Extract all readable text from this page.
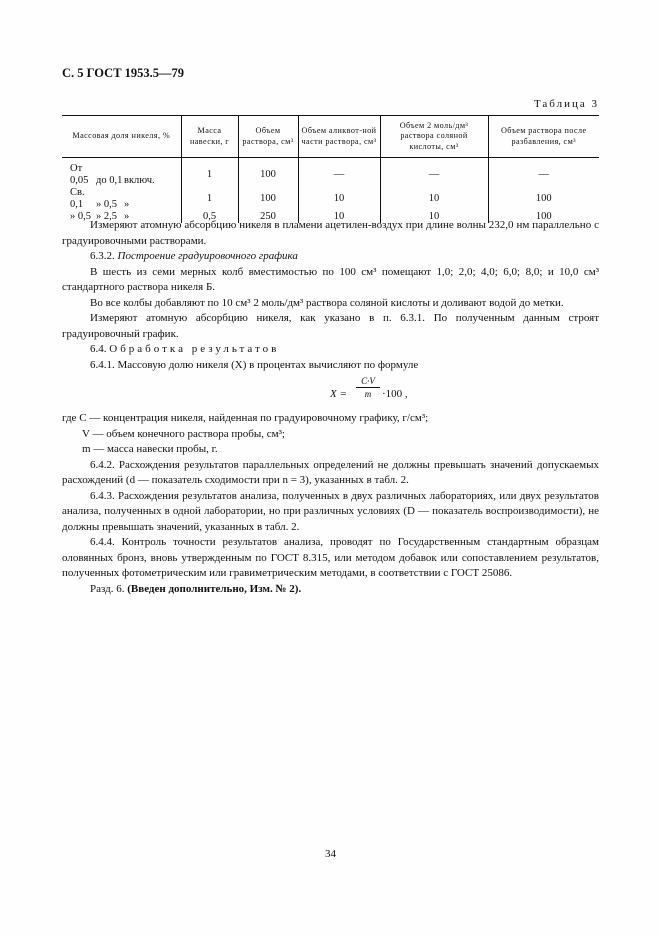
С. 5 ГОСТ 1953.5—79
Таблица 3
Массовая доля никеля, %	Масса навески, г	Объем раствора, см³	Объем аликвот-ной части раствора, см³	Объем 2 моль/дм³ раствора соляной кислоты, см³	Объем раствора после разбавления, см³
От 0,05 до 0,1 включ.	1	100	—	—	—
Св. 0,1 » 0,5 »	1	100	10	10	100
» 0,5 » 2,5 »	0,5	250	10	10	100

Измеряют атомную абсорбцию никеля в пламени ацетилен-воздух при длине волны 232,0 нм параллельно с градуировочными растворами.

6.3.2. Построение градуировочного графика

В шесть из семи мерных колб вместимостью по 100 см³ помещают 1,0; 2,0; 4,0; 6,0; 8,0; и 10,0 см³ стандартного раствора никеля Б.

Во все колбы добавляют по 10 см³ 2 моль/дм³ раствора соляной кислоты и доливают водой до метки.

Измеряют атомную абсорбцию никеля, как указано в п. 6.3.1. По полученным данным строят градуировочный график.

6.4. Обработка результатов

6.4.1. Массовую долю никеля (X) в процентах вычисляют по формуле

$X = \frac{C\cdot V}{m} \cdot 100$ ,

где C — концентрация никеля, найденная по градуировочному графику, г/см³;

V — объем конечного раствора пробы, см³;

m — масса навески пробы, г.

6.4.2. Расхождения результатов параллельных определений не должны превышать значений допускаемых расхождений (d — показатель сходимости при n = 3), указанных в табл. 2.

6.4.3. Расхождения результатов анализа, полученных в двух различных лабораториях, или двух результатов анализа, полученных в одной лаборатории, но при различных условиях (D — показатель воспроизводимости), не должны превышать значений, указанных в табл. 2.

6.4.4. Контроль точности результатов анализа, проводят по Государственным стандартным образцам оловянных бронз, вновь утвержденным по ГОСТ 8.315, или методом добавок или сопоставлением результатов, полученных фотометрическим или гравиметрическим методами, в соответствии с ГОСТ 25086.

Разд. 6. (Введен дополнительно, Изм. № 2).

34
